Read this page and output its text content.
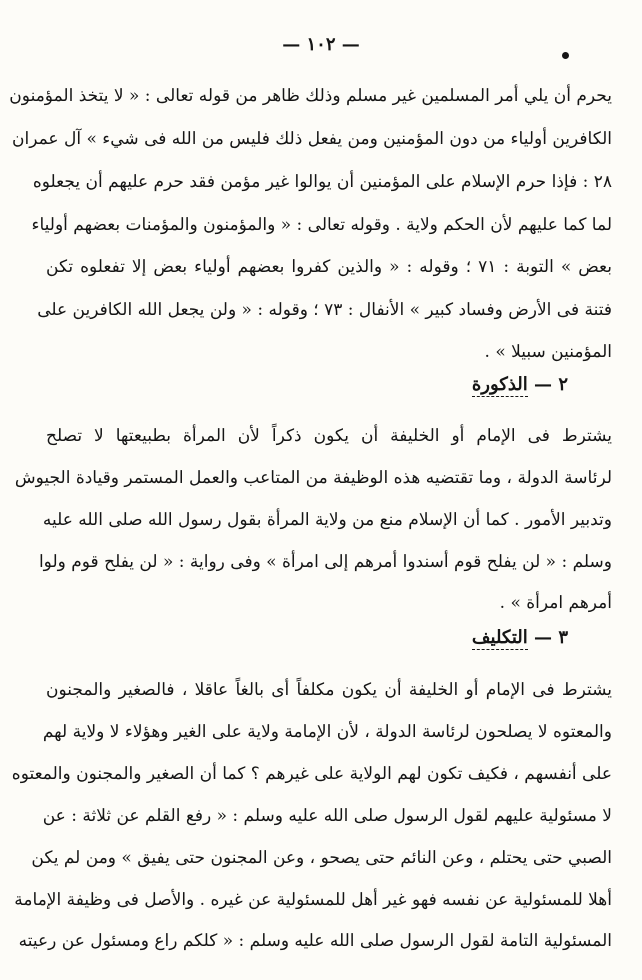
— ١٠٢ —
يحرم أن يلي أمر المسلمين غير مسلم وذلك ظاهر من قوله تعالى : « لا يتخذ المؤمنون
الكافرين أولياء من دون المؤمنين ومن يفعل ذلك فليس من الله فى شيء » آل عمران
٢٨ : فإذا حرم الإسلام على المؤمنين أن يوالوا غير مؤمن فقد حرم عليهم أن يجعلوه
لما كما عليهم لأن الحكم ولاية . وقوله تعالى : « والمؤمنون والمؤمنات بعضهم أولياء
بعض » التوبة : ٧١ ؛ وقوله : « والذين كفروا بعضهم أولياء بعض إلا تفعلوه تكن
فتنة فى الأرض وفساد كبير » الأنفال : ٧٣ ؛ وقوله : « ولن يجعل الله الكافرين على
المؤمنين سبيلا » .
٢ — الذكورة
يشترط فى الإمام أو الخليفة أن يكون ذكراً لأن المرأة بطبيعتها لا تصلح
لرئاسة الدولة ، وما تقتضيه هذه الوظيفة من المتاعب والعمل المستمر وقيادة الجيوش
وتدبير الأمور . كما أن الإسلام منع من ولاية المرأة بقول رسول الله صلى الله عليه
وسلم : « لن يفلح قوم أسندوا أمرهم إلى امرأة » وفى رواية : « لن يفلح قوم ولوا
أمرهم امرأة » .
٣ — التكليف
يشترط فى الإمام أو الخليفة أن يكون مكلفاً أى بالغاً عاقلا ، فالصغير والمجنون
والمعتوه لا يصلحون لرئاسة الدولة ، لأن الإمامة ولاية على الغير وهؤلاء لا ولاية لهم
على أنفسهم ، فكيف تكون لهم الولاية على غيرهم ؟ كما أن الصغير والمجنون والمعتوه
لا مسئولية عليهم لقول الرسول صلى الله عليه وسلم : « رفع القلم عن ثلاثة : عن
الصبي حتى يحتلم ، وعن النائم حتى يصحو ، وعن المجنون حتى يفيق » ومن لم يكن
أهلا للمسئولية عن نفسه فهو غير أهل للمسئولية عن غيره . والأصل فى وظيفة الإمامة
المسئولية التامة لقول الرسول صلى الله عليه وسلم : « كلكم راع ومسئول عن رعيته
